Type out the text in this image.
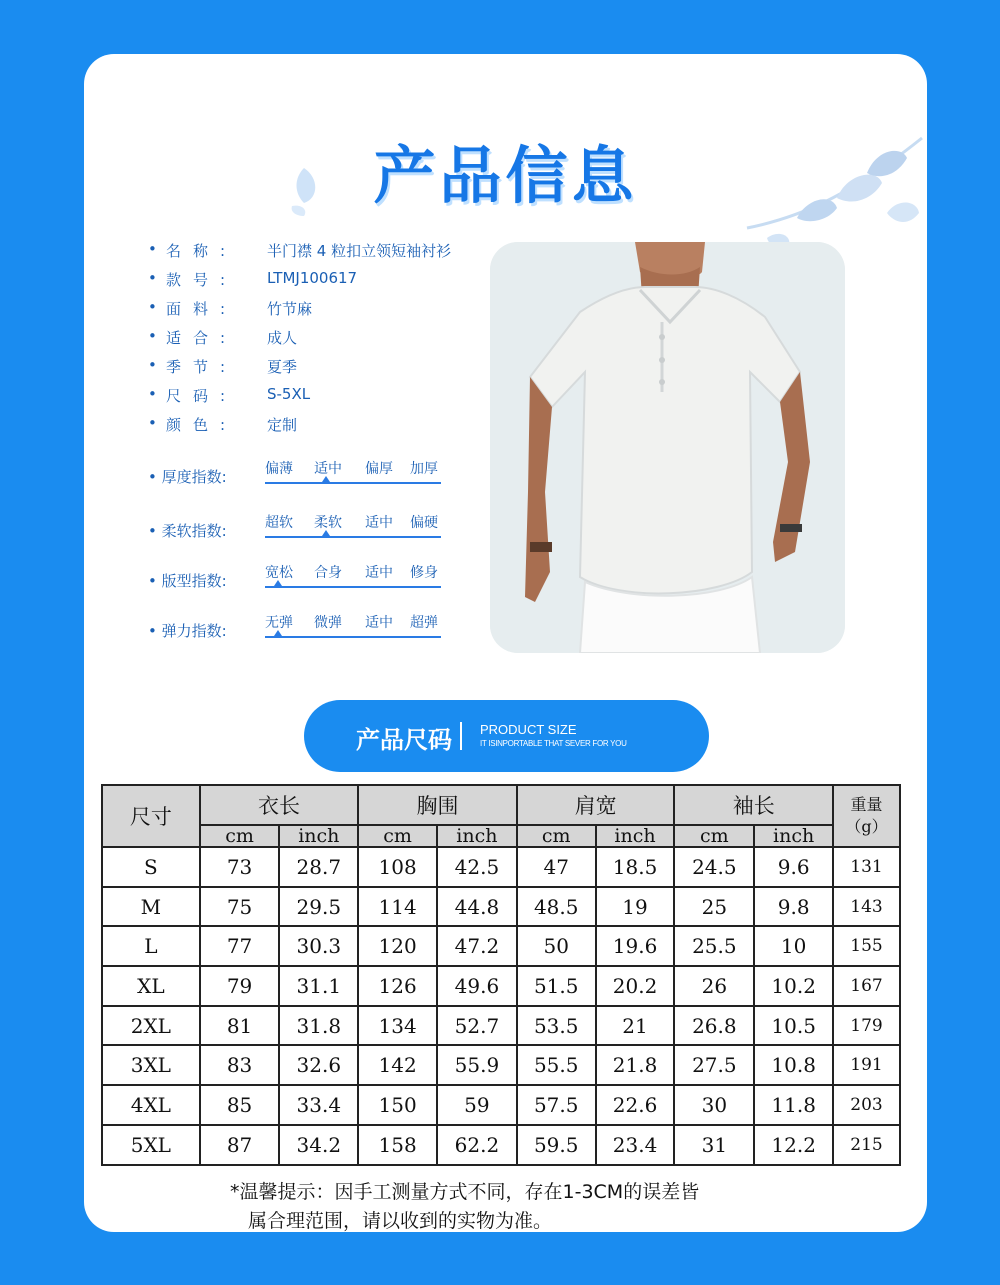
产品信息
• 名称: 半门襟 4 粒扣立领短袖衬衫
• 款号: LTMJ100617
• 面料: 竹节麻
• 适合: 成人
• 季节: 夏季
• 尺码: S-5XL
• 颜色: 定制
• 厚度指数:	偏薄 适中 偏厚 加厚
• 柔软指数:	超软 柔软 适中 偏硬
• 版型指数:	宽松 合身 适中 修身
• 弹力指数:	无弹 微弹 适中 超弹
产品尺码 PRODUCT SIZE
IT ISINPORTABLE THAT SEVER FOR YOU
尺寸	衣长		胸围		肩宽		袖长		重量
（g）
	cm	inch	cm	inch	cm	inch	cm	inch	
S	73	28.7	108	42.5	47	18.5	24.5	9.6	131
M	75	29.5	114	44.8	48.5	19	25	9.8	143
L	77	30.3	120	47.2	50	19.6	25.5	10	155
XL	79	31.1	126	49.6	51.5	20.2	26	10.2	167
2XL	81	31.8	134	52.7	53.5	21	26.8	10.5	179
3XL	83	32.6	142	55.9	55.5	21.8	27.5	10.8	191
4XL	85	33.4	150	59	57.5	22.6	30	11.8	203
5XL	87	34.2	158	62.2	59.5	23.4	31	12.2	215
*温馨提示：因手工测量方式不同，存在1-3CM的误差皆
属合理范围，请以收到的实物为准。
